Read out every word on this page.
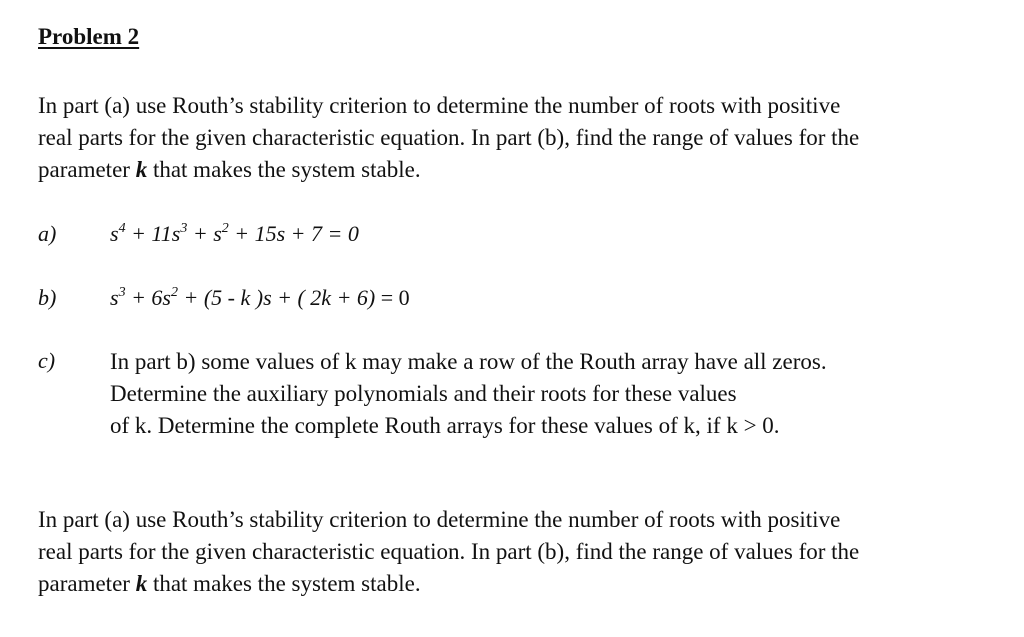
Problem 2
In part (a) use Routh’s stability criterion to determine the number of roots with positive
real parts for the given characteristic equation. In part (b), find the range of values for the
parameter k that makes the system stable.
a) $s^4 + 11s^3 + s^2 + 15s + 7 = 0$
b) $s^3 + 6s^2 + (5 - k$ )s + ( 2k + 6) = 0
c) In part b) some values of k may make a row of the Routh array have all zeros.
Determine the auxiliary polynomials and their roots for these values
of k. Determine the complete Routh arrays for these values of k, if k > 0.
In part (a) use Routh’s stability criterion to determine the number of roots with positive
real parts for the given characteristic equation. In part (b), find the range of values for the
parameter k that makes the system stable.
